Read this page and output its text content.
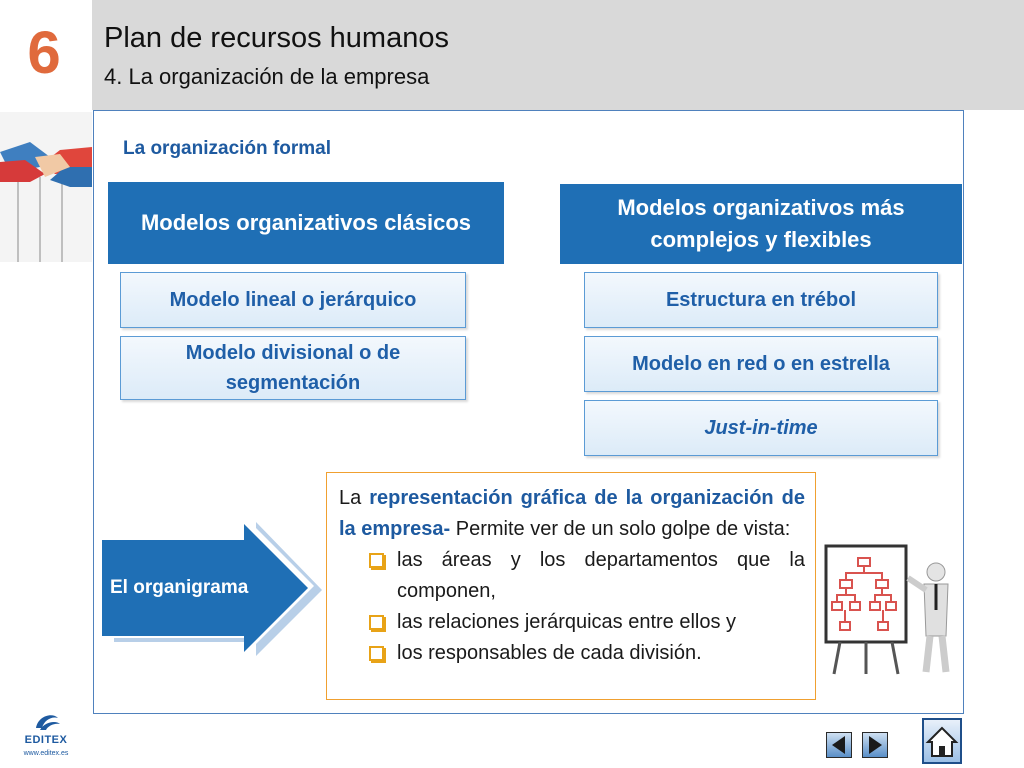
6	Plan de recursos humanos
4. La organización de la empresa
La organización formal
Modelos organizativos clásicos
Modelo lineal o jerárquico
Modelo divisional o de segmentación
Modelos organizativos más complejos y flexibles
Estructura en trébol
Modelo en red o en estrella
Just-in-time
El organigrama

La representación gráfica de la organización de la empresa- Permite ver de un solo golpe de vista:

las áreas y los departamentos que la componen,
las relaciones jerárquicas entre ellos y
los responsables de cada división.
EDITEX
www.editex.es
